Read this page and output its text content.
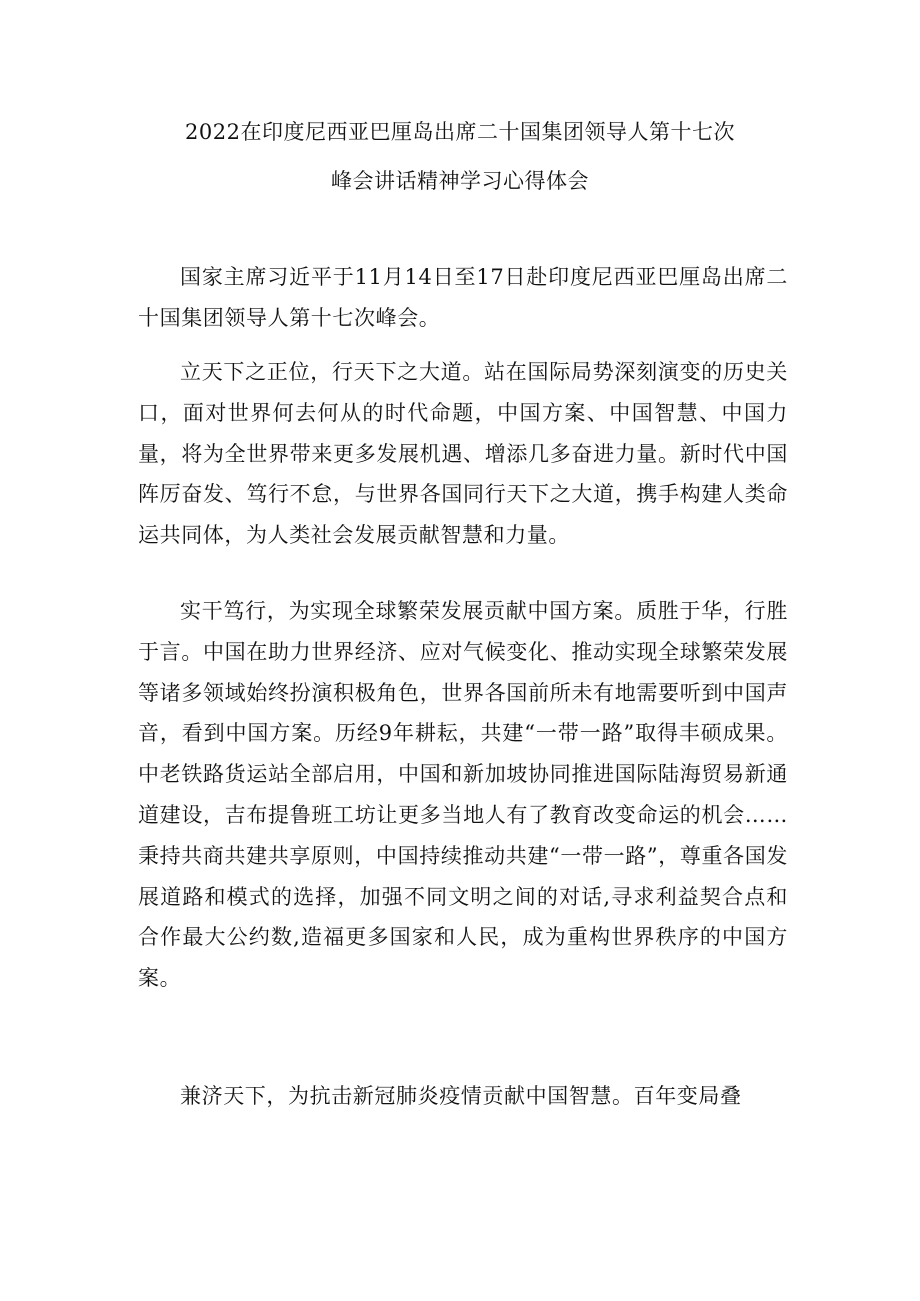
2022在印度尼西亚巴厘岛出席二十国集团领导人第十七次
峰会讲话精神学习心得体会

国家主席习近平于11月14日至17日赴印度尼西亚巴厘岛出席二十国集团领导人第十七次峰会。

立天下之正位，行天下之大道。站在国际局势深刻演变的历史关口，面对世界何去何从的时代命题，中国方案、中国智慧、中国力量，将为全世界带来更多发展机遇、增添几多奋进力量。新时代中国阵厉奋发、笃行不怠，与世界各国同行天下之大道，携手构建人类命运共同体，为人类社会发展贡献智慧和力量。

实干笃行，为实现全球繁荣发展贡献中国方案。质胜于华，行胜于言。中国在助力世界经济、应对气候变化、推动实现全球繁荣发展等诸多领域始终扮演积极角色，世界各国前所未有地需要听到中国声音，看到中国方案。历经9年耕耘，共建“一带一路”取得丰硕成果。中老铁路货运站全部启用，中国和新加坡协同推进国际陆海贸易新通道建设，吉布提鲁班工坊让更多当地人有了教育改变命运的机会……秉持共商共建共享原则，中国持续推动共建“一带一路”，尊重各国发展道路和模式的选择，加强不同文明之间的对话,寻求利益契合点和合作最大公约数,造福更多国家和人民，成为重构世界秩序的中国方案。

兼济天下，为抗击新冠肺炎疫情贡献中国智慧。百年变局叠
